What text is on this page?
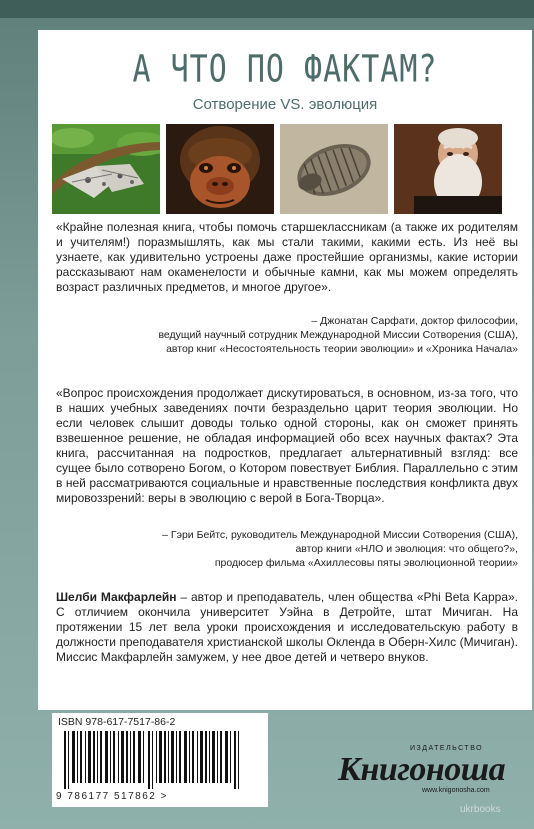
А ЧТО ПО ФАКТАМ?
Сотворение VS. эволюция
«Крайне полезная книга, чтобы помочь старшеклассникам (а также их родителям и учителям!) поразмышлять, как мы стали такими, какими есть. Из неё вы узнаете, как удивительно устроены даже простейшие организмы, какие истории рассказывают нам окаменелости и обычные камни, как мы можем определять возраст различных предметов, и многое другое».
– Джонатан Сарфати, доктор философии,
ведущий научный сотрудник Международной Миссии Сотворения (США),
автор книг «Несостоятельность теории эволюции» и «Хроника Начала»
«Вопрос происхождения продолжает дискутироваться, в основном, из-за того, что в наших учебных заведениях почти безраздельно царит теория эволюции. Но если человек слышит доводы только одной стороны, как он сможет принять взвешенное решение, не обладая информацией обо всех научных фактах? Эта книга, рассчитанная на подростков, предлагает альтернативный взгляд: все сущее было сотворено Богом, о Котором повествует Библия. Параллельно с этим в ней рассматриваются социальные и нравственные последствия конфликта двух мировоззрений: веры в эволюцию с верой в Бога-Творца».
– Гэри Бейтс, руководитель Международной Миссии Сотворения (США),
автор книги «НЛО и эволюция: что общего?»,
продюсер фильма «Ахиллесовы пяты эволюционной теории»
Шелби Макфарлейн – автор и преподаватель, член общества «Phi Beta Kappa». С отличием окончила университет Уэйна в Детройте, штат Мичиган. На протяжении 15 лет вела уроки происхождения и исследовательскую работу в должности преподавателя христианской школы Окленда в Оберн-Хилс (Мичиган). Миссис Макфарлейн замужем, у нее двое детей и четверо внуков.
ISBN 978-617-7517-86-2
9 786177 517862 >
ИЗДАТЕЛЬСТВО
Книгоноша
www.knigonosha.com
ukrbooks
